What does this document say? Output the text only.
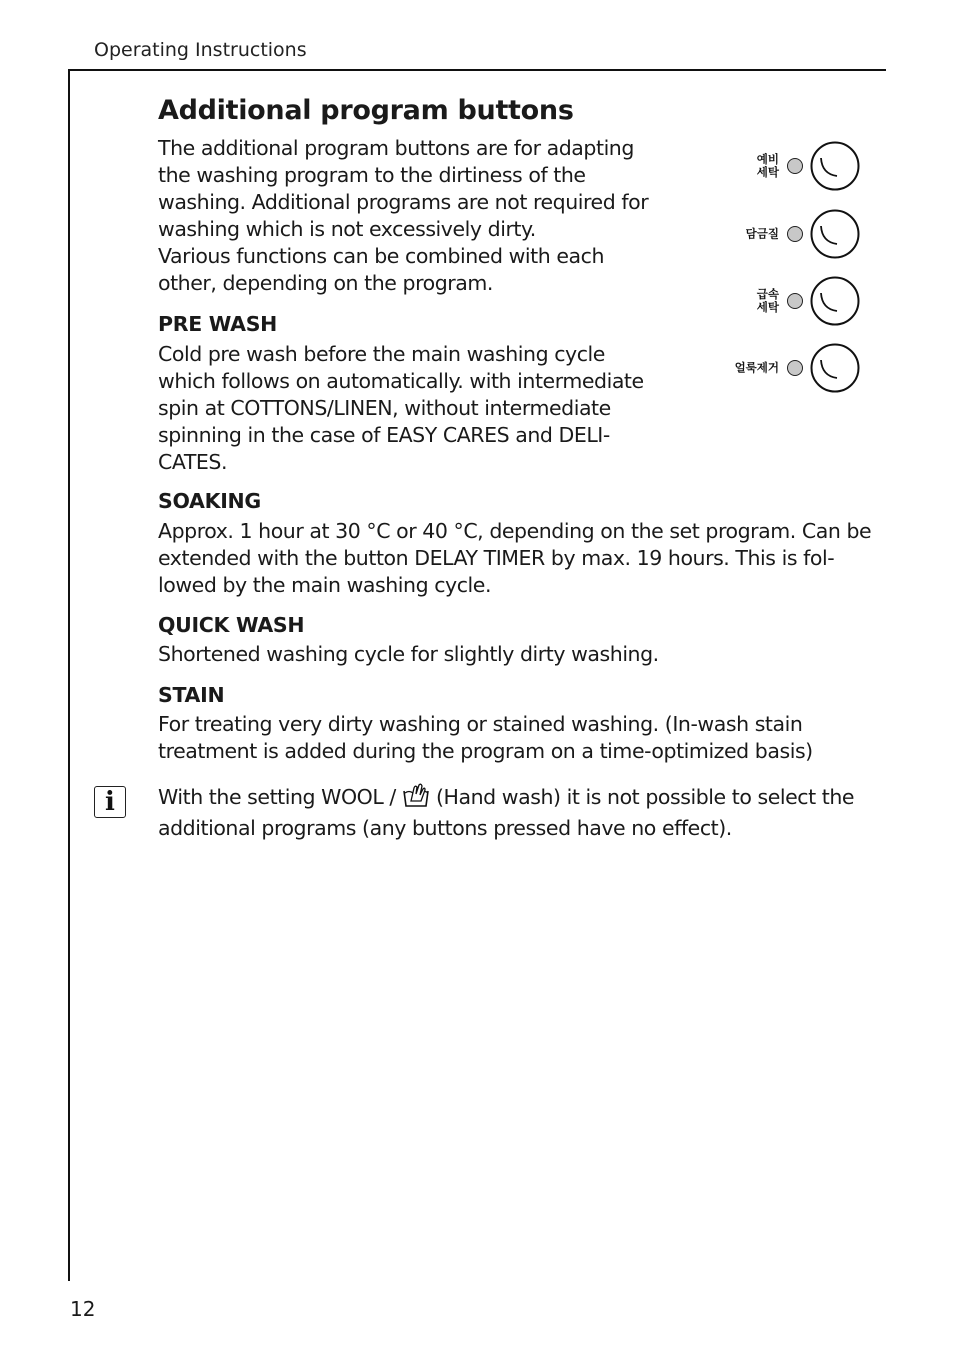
Operating Instructions
Additional program buttons

The additional program buttons are for adapting the washing program to the dirtiness of the washing. Additional programs are not required for washing which is not excessively dirty.
Various functions can be combined with each other, depending on the program.

PRE WASH

Cold pre wash before the main washing cycle which follows on automatically. with intermediate spin at COTTONS/LINEN, without intermediate spinning in the case of EASY CARES and DELI-CATES.

SOAKING

Approx. 1 hour at 30 °C or 40 °C, depending on the set program. Can be extended with the button DELAY TIMER by max. 19 hours. This is fol-lowed by the main washing cycle.

QUICK WASH

Shortened washing cycle for slightly dirty washing.

STAIN

For treating very dirty washing or stained washing. (In-wash stain treatment is added during the program on a time-optimized basis)

i	With the setting WOOL /  (Hand wash) it is not possible to select the additional programs (any buttons pressed have no effect).

예비
세탁
담금질
급속
세탁
얼룩제거
12
